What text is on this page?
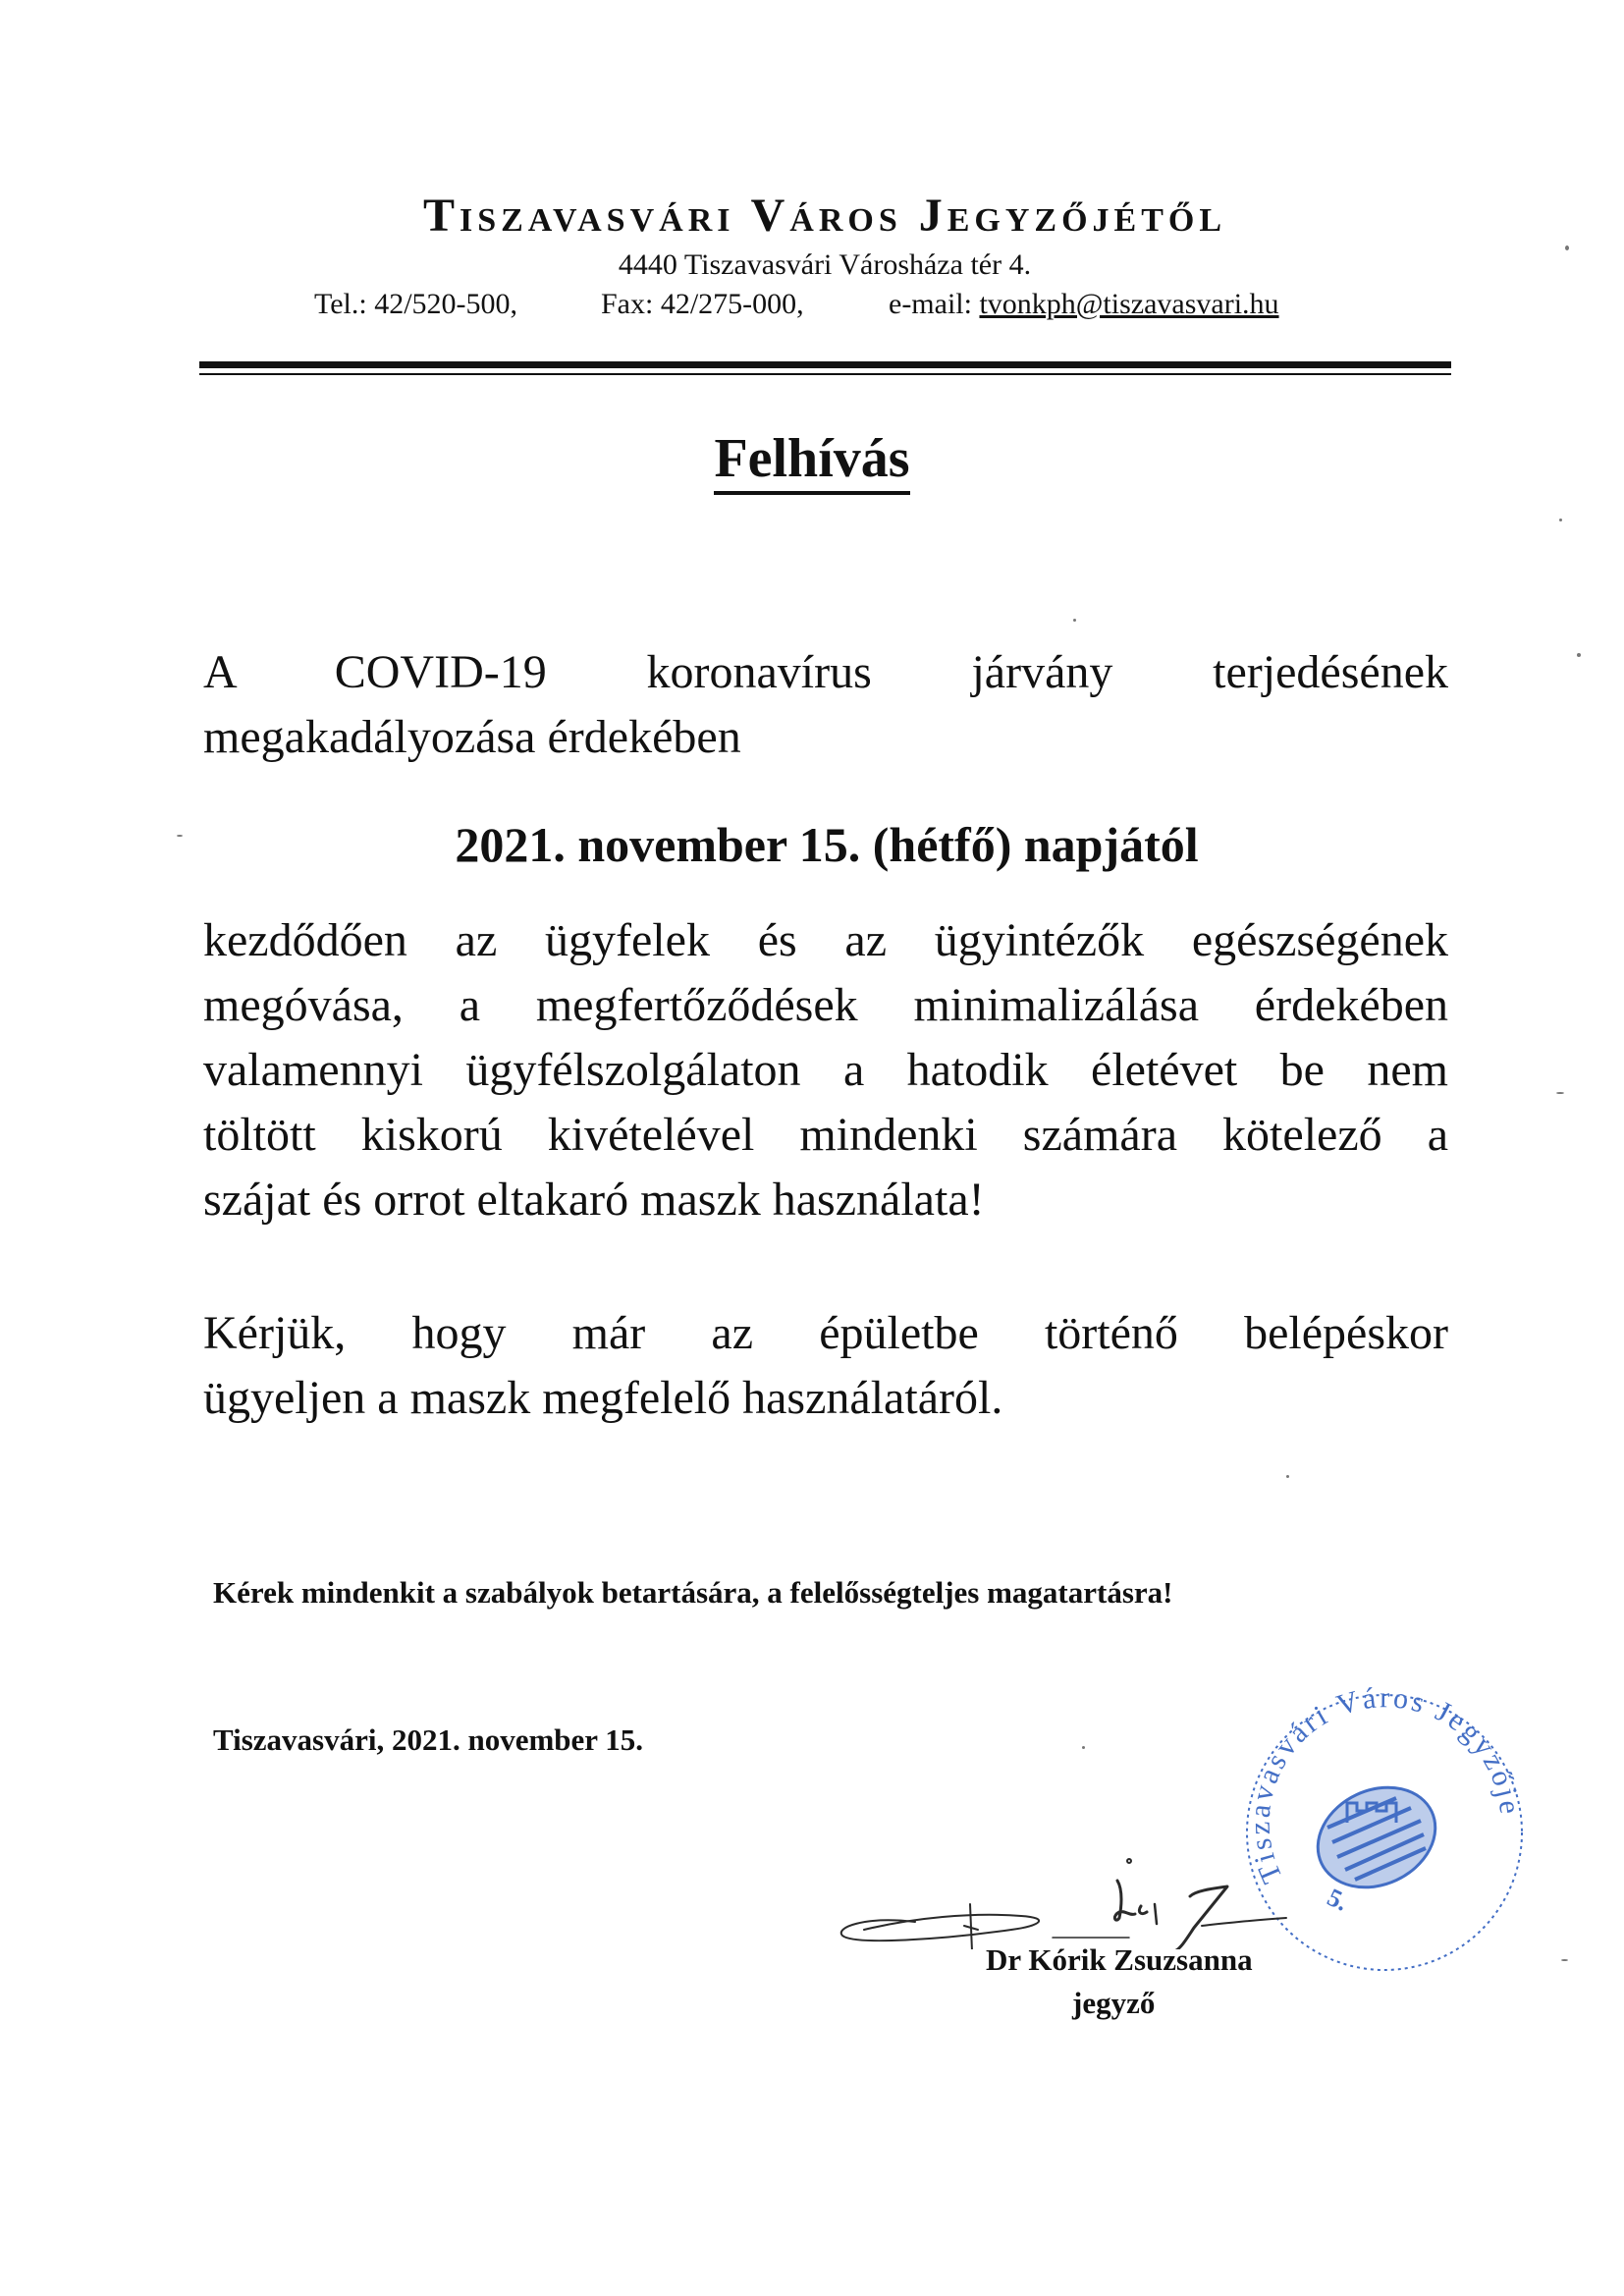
Tiszavasvári Város Jegyzőjétől
4440 Tiszavasvári Városháza tér 4.
Tel.: 42/520-500,	Fax: 42/275-000,	e-mail: tvonkph@tiszavasvari.hu
Felhívás
A COVID-19 koronavírus járvány terjedésének
megakadályozása érdekében
2021. november 15. (hétfő) napjától
kezdődően az ügyfelek és az ügyintézők egészségének
megóvása, a megfertőződések minimalizálása érdekében
valamennyi ügyfélszolgálaton a hatodik életévet be nem
töltött kiskorú kivételével mindenki számára kötelező a
szájat és orrot eltakaró maszk használata!
Kérjük, hogy már az épületbe történő belépéskor
ügyeljen a maszk megfelelő használatáról.
Kérek mindenkit a szabályok betartására, a felelősségteljes magatartásra!
Tiszavasvári, 2021. november 15.
Tiszavasvári Város Jegyzője
5.
Dr Kórik Zsuzsanna
jegyző
